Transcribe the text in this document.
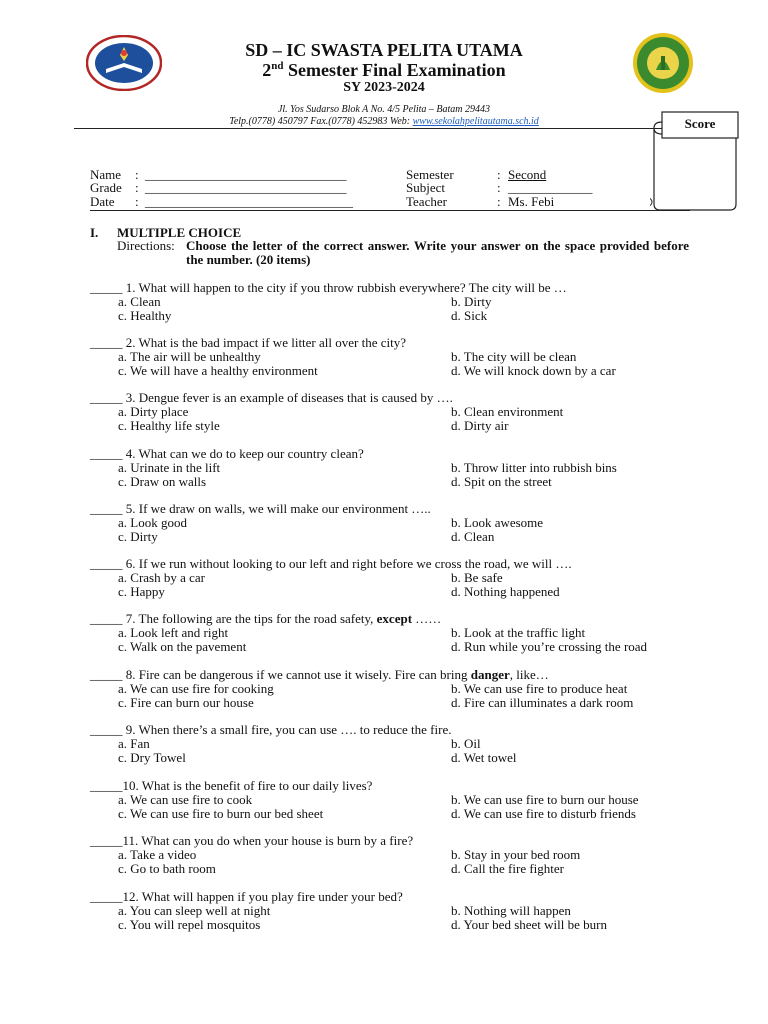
SD – IC SWASTA PELITA UTAMA
2nd Semester Final Examination
SY 2023-2024
Jl. Yos Sudarso Blok A No. 4/5 Pelita – Batam 29443
Telp.(0778) 450797 Fax.(0778) 452983 Web: www.sekolahpelitautama.sch.id	Score
Name : _______________________________
Grade : _______________________________
Date : ________________________________
Semester	: Second
Subject	: _____________
Teacher	: Ms. Febi
I. MULTIPLE CHOICE
Directions: Choose the letter of the correct answer. Write your answer on the space provided before the number. (20 items)
_____ 1. What will happen to the city if you throw rubbish everywhere? The city will be …
a. Clean	b. Dirty
c. Healthy	d. Sick
_____ 2. What is the bad impact if we litter all over the city?
a. The air will be unhealthy	b. The city will be clean
c. We will have a healthy environment	d. We will knock down by a car
_____ 3. Dengue fever is an example of diseases that is caused by ….
a. Dirty place	b. Clean environment
c. Healthy life style	d. Dirty air
_____ 4. What can we do to keep our country clean?
a. Urinate in the lift	b. Throw litter into rubbish bins
c. Draw on walls	d. Spit on the street
_____ 5. If we draw on walls, we will make our environment …..
a. Look good	b. Look awesome
c. Dirty	d. Clean
_____ 6. If we run without looking to our left and right before we cross the road, we will ….
a. Crash by a car	b. Be safe
c. Happy	d. Nothing happened
_____ 7. The following are the tips for the road safety, except ……
a. Look left and right	b. Look at the traffic light
c. Walk on the pavement	d. Run while you’re crossing the road
_____ 8. Fire can be dangerous if we cannot use it wisely. Fire can bring danger, like…
a. We can use fire for cooking	b. We can use fire to produce heat
c. Fire can burn our house	d. Fire can illuminates a dark room
_____ 9. When there’s a small fire, you can use …. to reduce the fire.
a. Fan	b. Oil
c. Dry Towel	d. Wet towel
_____10. What is the benefit of fire to our daily lives?
a. We can use fire to cook	b. We can use fire to burn our house
c. We can use fire to burn our bed sheet	d. We can use fire to disturb friends
_____11. What can you do when your house is burn by a fire?
a. Take a video	b. Stay in your bed room
c. Go to bath room	d. Call the fire fighter
_____12. What will happen if you play fire under your bed?
a. You can sleep well at night	b. Nothing will happen
c. You will repel mosquitos	d. Your bed sheet will be burn
